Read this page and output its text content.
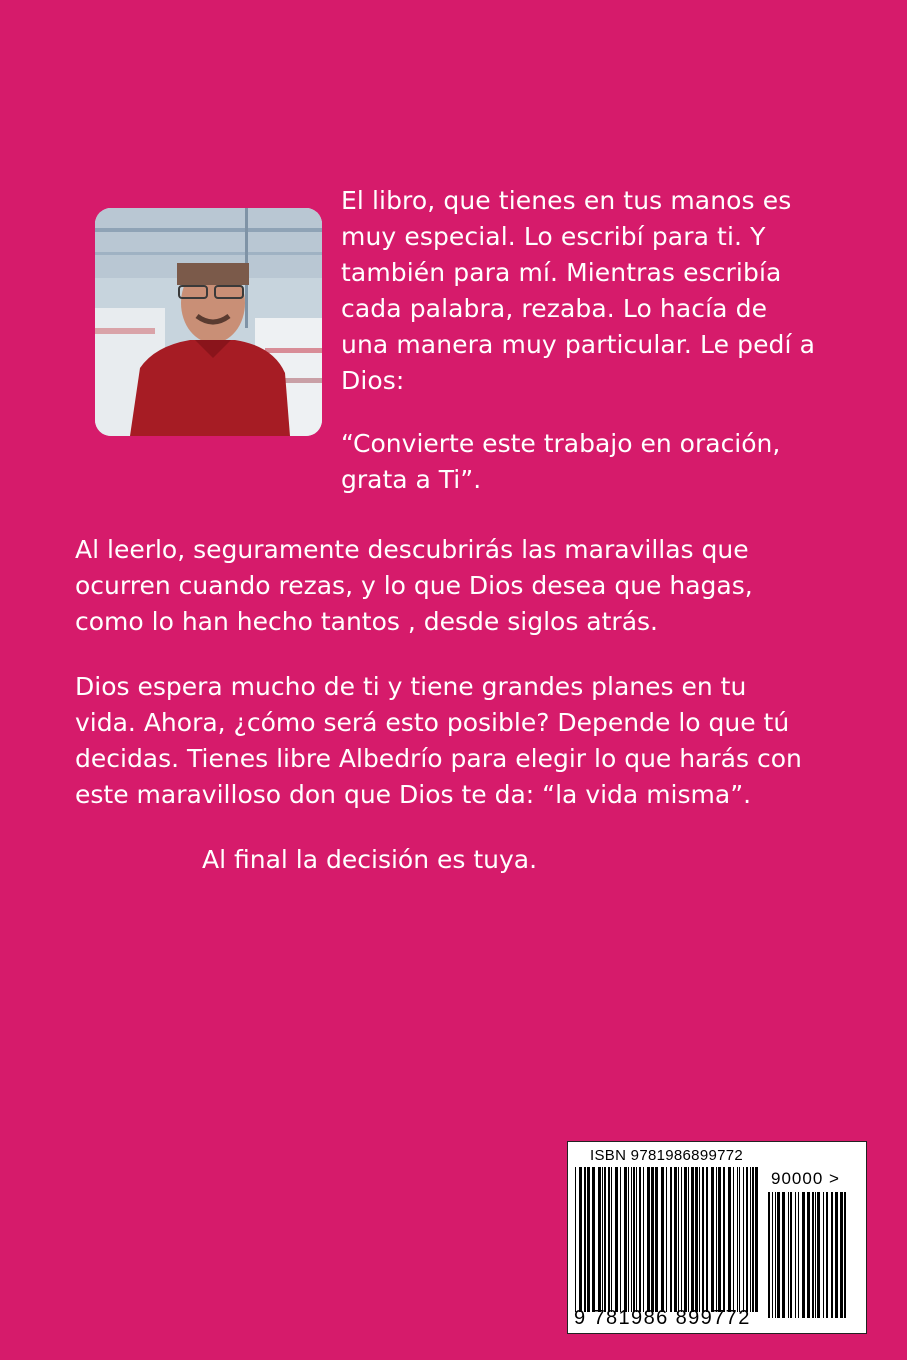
El libro, que tienes en tus manos es
muy especial. Lo escribí para ti. Y
también para mí. Mientras escribía
cada palabra, rezaba. Lo hacía de
una manera muy particular. Le pedí a
Dios:
“Convierte este trabajo en oración,
grata a Ti”.
Al leerlo, seguramente descubrirás las maravillas que
ocurren cuando rezas, y lo que Dios desea que hagas,
como lo han hecho tantos , desde siglos atrás.
Dios espera mucho de ti y tiene grandes planes en tu
vida. Ahora, ¿cómo será esto posible? Depende lo que tú
decidas. Tienes libre Albedrío para elegir lo que harás con
este maravilloso don que Dios te da: “la vida misma”.
Al final la decisión es tuya.
ISBN 9781986899772
90000 >
9 781986 899772
